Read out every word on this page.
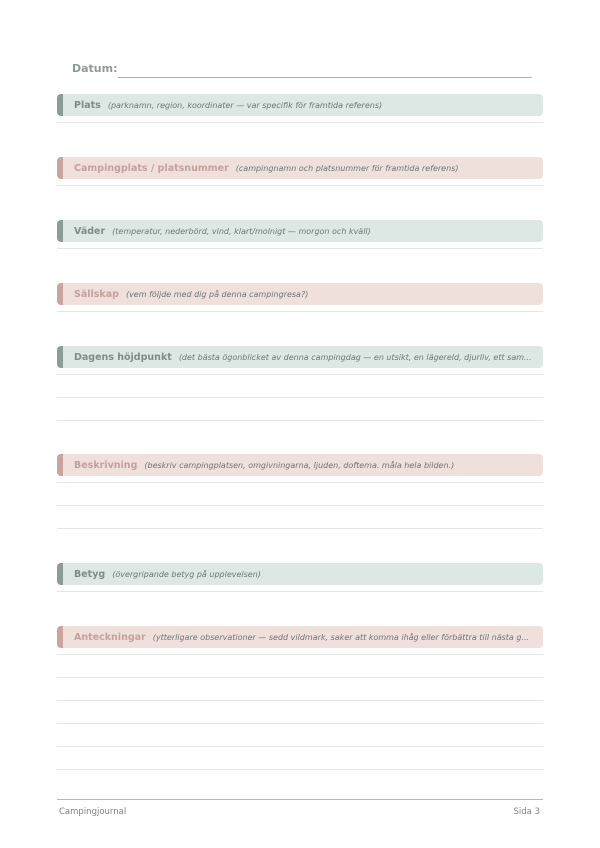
Datum:
Plats (parknamn, region, koordinater — var specifik för framtida referens)
Campingplats / platsnummer (campingnamn och platsnummer för framtida referens)
Väder (temperatur, nederbörd, vind, klart/molnigt — morgon och kväll)
Sällskap (vem följde med dig på denna campingresa?)
Dagens höjdpunkt (det bästa ögonblicket av denna campingdag — en utsikt, en lägereld, djurliv, ett sam...
Beskrivning (beskriv campingplatsen, omgivningarna, ljuden, doftema. måla hela bilden.)
Betyg (övergripande betyg på upplevelsen)
Anteckningar (ytterligare observationer — sedd vildmark, saker att komma ihåg eller förbättra till nästa g...
Campingjournal	Sida 3
